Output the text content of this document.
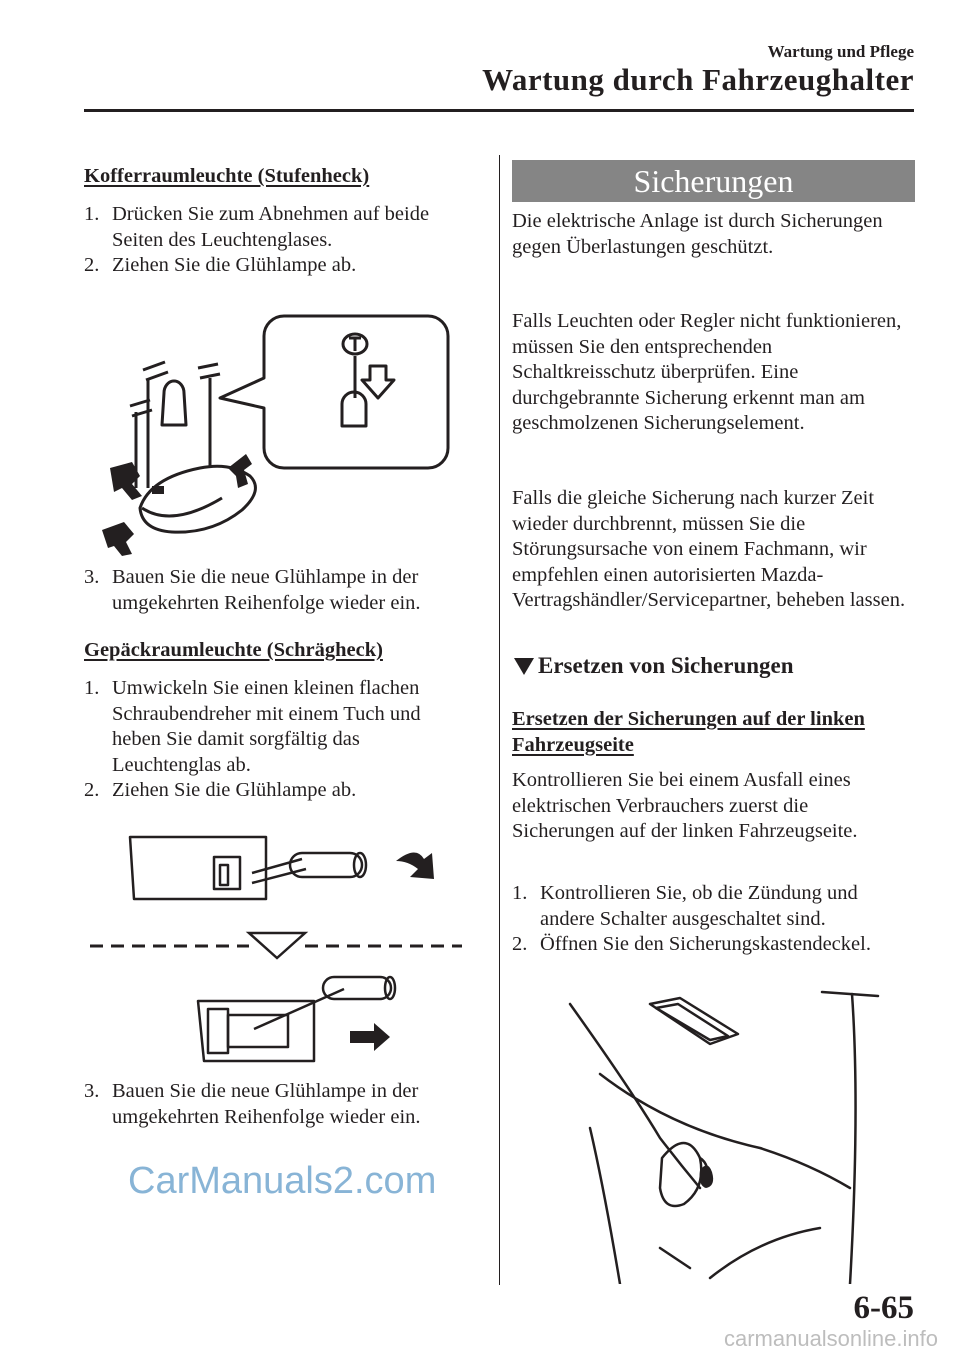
Wartung und Pflege
Wartung durch Fahrzeughalter
Kofferraumleuchte (Stufenheck)
1. Drücken Sie zum Abnehmen auf beide Seiten des Leuchtenglases.
2. Ziehen Sie die Glühlampe ab.
3. Bauen Sie die neue Glühlampe in der umgekehrten Reihenfolge wieder ein.
Gepäckraumleuchte (Schrägheck)
1. Umwickeln Sie einen kleinen flachen Schraubendreher mit einem Tuch und heben Sie damit sorgfältig das Leuchtenglas ab.
2. Ziehen Sie die Glühlampe ab.
3. Bauen Sie die neue Glühlampe in der umgekehrten Reihenfolge wieder ein.
Sicherungen

Die elektrische Anlage ist durch Sicherungen gegen Überlastungen geschützt.

Falls Leuchten oder Regler nicht funktionieren, müssen Sie den entsprechenden Schaltkreisschutz überprüfen. Eine durchgebrannte Sicherung erkennt man am geschmolzenen Sicherungselement.

Falls die gleiche Sicherung nach kurzer Zeit wieder durchbrennt, müssen Sie die Störungsursache von einem Fachmann, wir empfehlen einen autorisierten Mazda-Vertragshändler/Servicepartner, beheben lassen.

Ersetzen von Sicherungen
Ersetzen der Sicherungen auf der linken Fahrzeugseite

Kontrollieren Sie bei einem Ausfall eines elektrischen Verbrauchers zuerst die Sicherungen auf der linken Fahrzeugseite.

1. Kontrollieren Sie, ob die Zündung und andere Schalter ausgeschaltet sind.
2. Öffnen Sie den Sicherungskastendeckel.
CarManuals2.com
6-65
carmanualsonline.info
